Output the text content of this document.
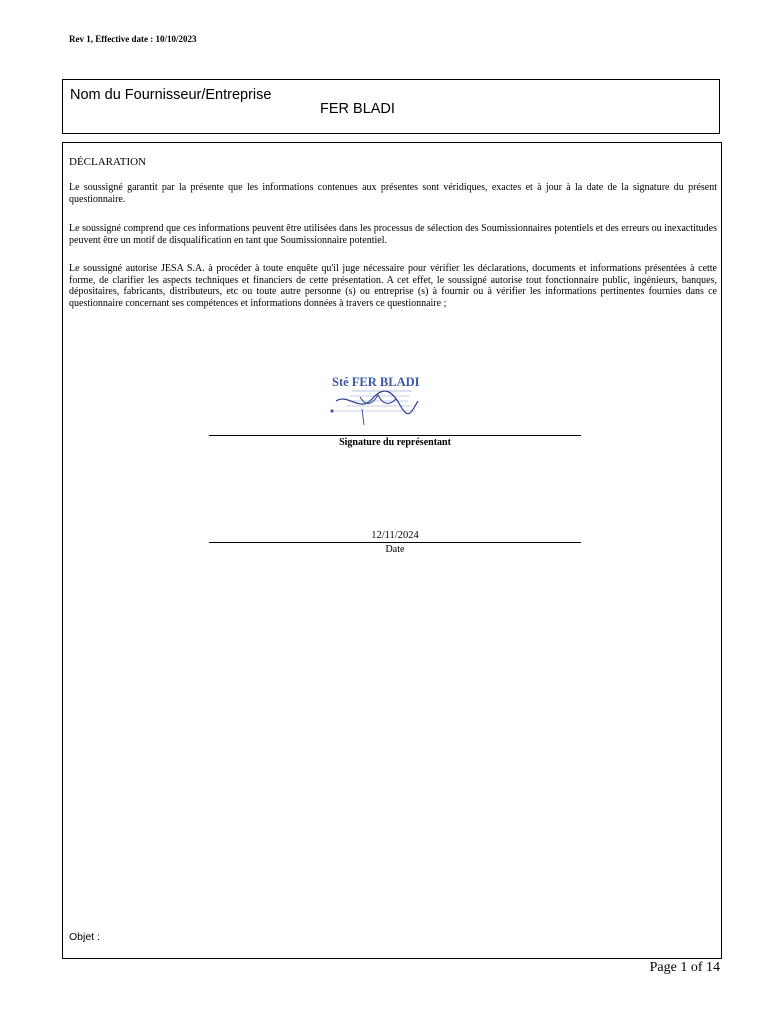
Rev 1, Effective date : 10/10/2023
Nom du Fournisseur/Entreprise
FER BLADI
DÉCLARATION

Le soussigné garantit par la présente que les informations contenues aux présentes sont véridiques, exactes et à jour à la date de la signature du présent questionnaire.

Le soussigné comprend que ces informations peuvent être utilisées dans les processus de sélection des Soumissionnaires potentiels et des erreurs ou inexactitudes peuvent être un motif de disqualification en tant que Soumissionnaire potentiel.

Le soussigné autorise JESA S.A. à procéder à toute enquête qu'il juge nécessaire pour vérifier les déclarations, documents et informations présentées à cette forme, de clarifier les aspects techniques et financiers de cette présentation. A cet effet, le soussigné autorise tout fonctionnaire public, ingénieurs, banques, dépositaires, fabricants, distributeurs, etc ou toute autre personne (s) ou entreprise (s) à fournir ou à vérifier les informations pertinentes fournies dans ce questionnaire concernant ses compétences et informations données à travers ce questionnaire ;

Sté FER BLADI
Signature du représentant
12/11/2024
Date
Objet :
Page 1 of 14
